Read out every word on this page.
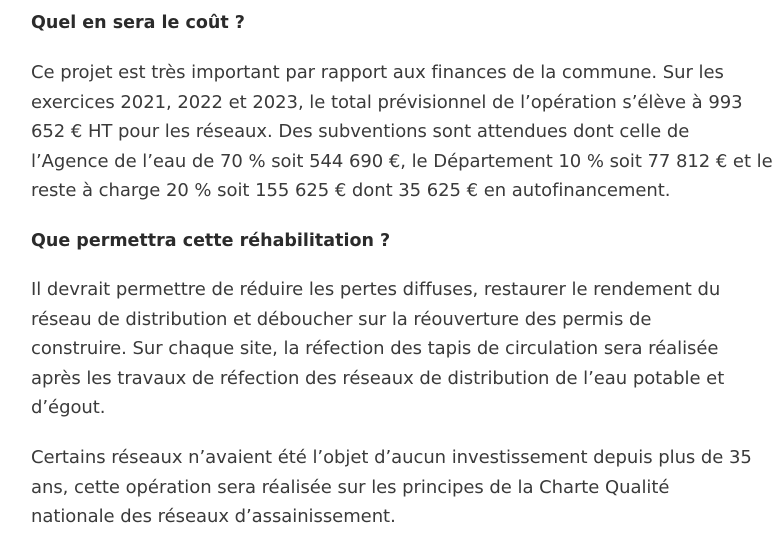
Quel en sera le coût ?

Ce projet est très important par rapport aux finances de la commune. Sur les
exercices 2021, 2022 et 2023, le total prévisionnel de l’opération s’élève à 993
652 € HT pour les réseaux. Des subventions sont attendues dont celle de
l’Agence de l’eau de 70 % soit 544 690 €, le Département 10 % soit 77 812 € et le
reste à charge 20 % soit 155 625 € dont 35 625 € en autofinancement.

Que permettra cette réhabilitation ?

Il devrait permettre de réduire les pertes diffuses, restaurer le rendement du
réseau de distribution et déboucher sur la réouverture des permis de
construire. Sur chaque site, la réfection des tapis de circulation sera réalisée
après les travaux de réfection des réseaux de distribution de l’eau potable et
d’égout.

Certains réseaux n’avaient été l’objet d’aucun investissement depuis plus de 35
ans, cette opération sera réalisée sur les principes de la Charte Qualité
nationale des réseaux d’assainissement.
